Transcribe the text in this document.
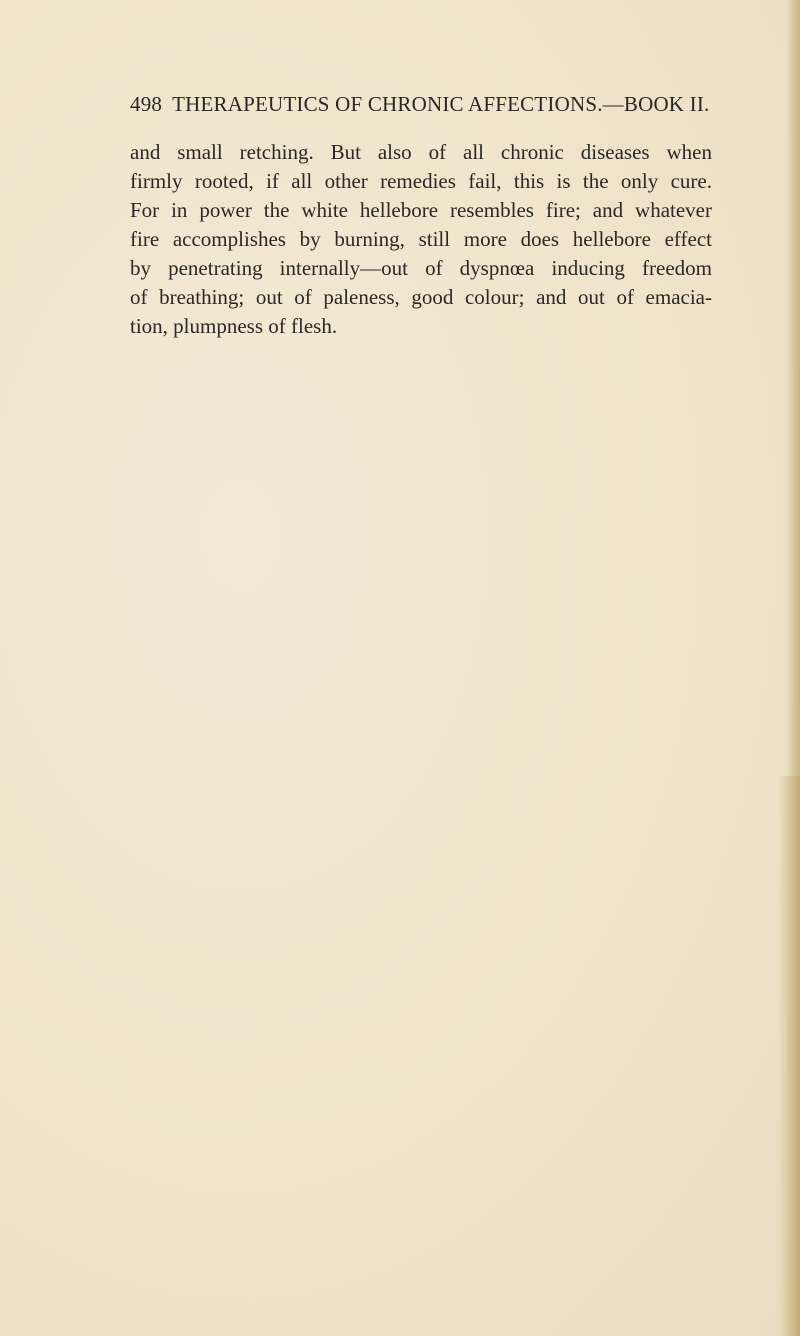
498 THERAPEUTICS OF CHRONIC AFFECTIONS.—BOOK II.
and small retching. But also of all chronic diseases when
firmly rooted, if all other remedies fail, this is the only cure.
For in power the white hellebore resembles fire; and whatever
fire accomplishes by burning, still more does hellebore effect
by penetrating internally—out of dyspnœa inducing freedom
of breathing; out of paleness, good colour; and out of emacia-
tion, plumpness of flesh.
